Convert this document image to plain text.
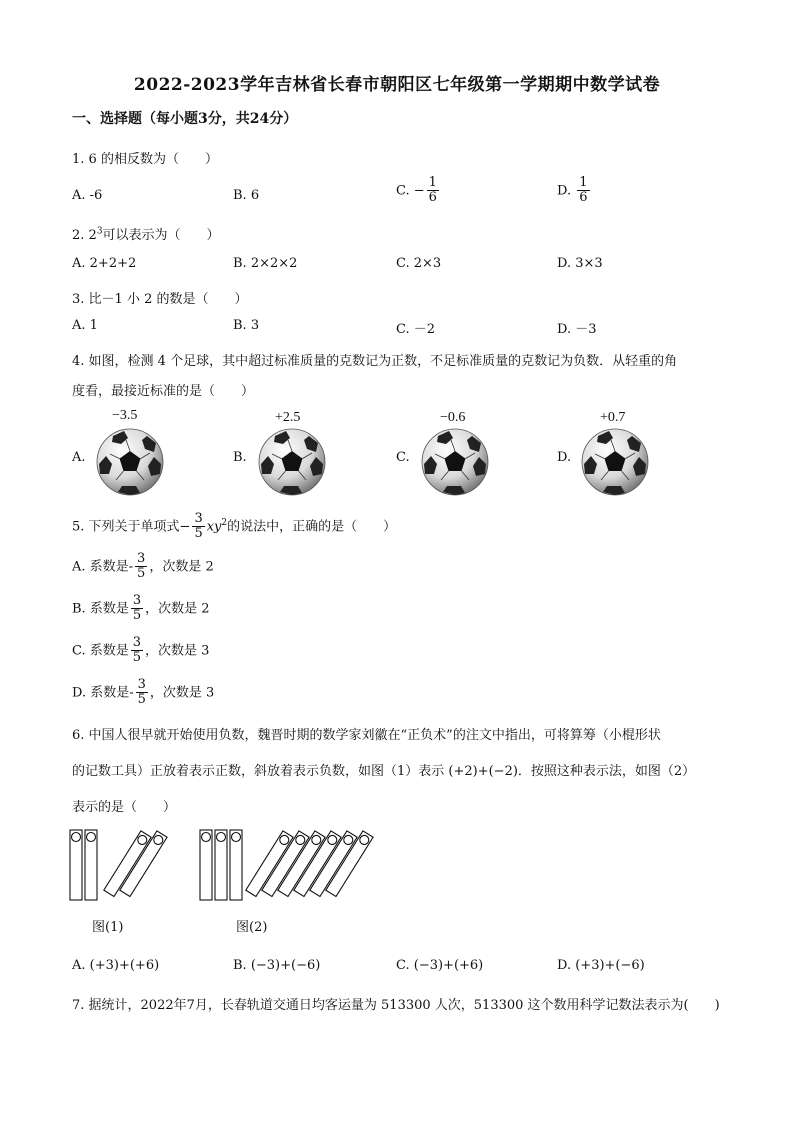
2022-2023学年吉林省长春市朝阳区七年级第一学期期中数学试卷
一、选择题（每小题3分，共24分）
1. 6 的相反数为（　　）
A. -6	B. 6	C. − $\frac{1}{6}$	D. $\frac{1}{6}$
2. $2^3$可以表示为（　　）
A. 2+2+2	B. 2×2×2	C. 2×3	D. 3×3
3. 比－1 小 2 的数是（　　）
A. 1	B. 3	C. －2	D. －3
4. 如图，检测 4 个足球，其中超过标准质量的克数记为正数，不足标准质量的克数记为负数．从轻重的角
度看，最接近标准的是（　　）
−3.5	+2.5	−0.6	+0.7
A.	B.	C.	D.
5. 下列关于单项式− $\frac{3}{5} xy^2$的说法中，正确的是（　　）
A. 系数是- $\frac{3}{5}$ ，次数是 2
B. 系数是 $\frac{3}{5}$ ，次数是 2
C. 系数是 $\frac{3}{5}$ ，次数是 3
D. 系数是- $\frac{3}{5}$ ，次数是 3
6. 中国人很早就开始使用负数，魏晋时期的数学家刘徽在“正负术”的注文中指出，可将算筹（小棍形状
的记数工具）正放着表示正数，斜放着表示负数，如图（1）表示 (+2)+(−2)．按照这种表示法，如图（2）
表示的是（　　）
图(1)	图(2)
A. (+3)+(+6)	B. (−3)+(−6)	C. (−3)+(+6)	D. (+3)+(−6)
7. 据统计，2022年7月，长春轨道交通日均客运量为 513300 人次，513300 这个数用科学记数法表示为(　　)
